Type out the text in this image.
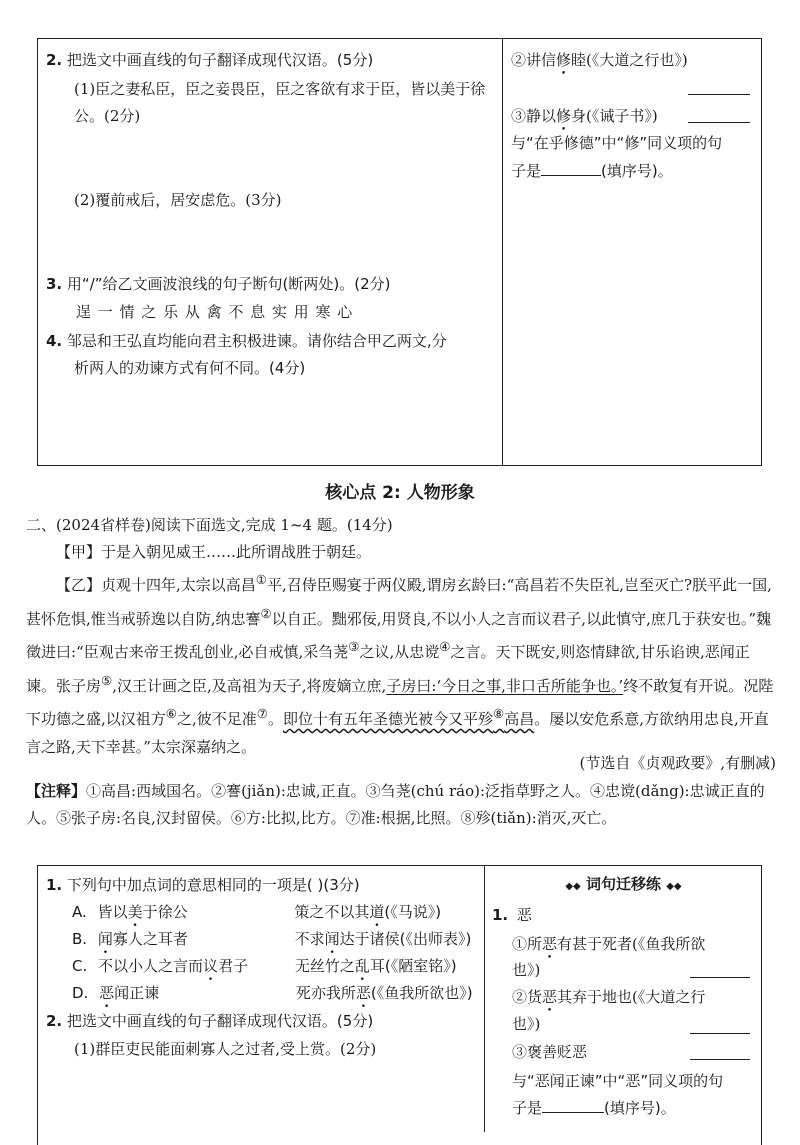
2. 把选文中画直线的句子翻译成现代汉语。(5分)
(1)臣之妻私臣，臣之妾畏臣，臣之客欲有求于臣，皆以美于徐
公。(2分)
(2)覆前戒后，居安虑危。(3分)
3. 用“/”给乙文画波浪线的句子断句(断两处)。(2分)
逞 一 情 之 乐 从 禽 不 息 实 用 寒 心
4. 邹忌和王弘直均能向君主积极进谏。请你结合甲乙两文,分
析两人的劝谏方式有何不同。(4分)
②讲信修睦(《大道之行也》)
③静以修身(《诫子书》)
与“在乎修德”中“修”同义项的句
子是	(填序号)。
核心点 2: 人物形象
二、(2024省样卷)阅读下面选文,完成 1~4 题。(14分)
【甲】于是入朝见威王……此所谓战胜于朝廷。
【乙】贞观十四年,太宗以高昌①平,召侍臣赐宴于两仪殿,谓房玄龄曰:“高昌若不失臣礼,岂至灭亡?朕平此一国,甚怀危惧,惟当戒骄逸以自防,纳忠謇②以自正。黜邪佞,用贤良,不以小人之言而议君子,以此慎守,庶几于获安也。”魏徵进曰:“臣观古来帝王拨乱创业,必自戒慎,采刍荛③之议,从忠谠④之言。天下既安,则恣情肆欲,甘乐谄谀,恶闻正谏。张子房⑤,汉王计画之臣,及高祖为天子,将废嫡立庶,子房曰:‘今日之事,非口舌所能争也。’终不敢复有开说。况陛下功德之盛,以汉祖方⑥之,彼不足准⑦。即位十有五年圣德光被今又平殄⑧高昌。屡以安危系意,方欲纳用忠良,开直言之路,天下幸甚。”太宗深嘉纳之。
(节选自《贞观政要》,有删减)
【注释】①高昌:西域国名。②謇(jiǎn):忠诚,正直。③刍荛(chú ráo):泛指草野之人。④忠谠(dǎng):忠诚正直的人。⑤张子房:名良,汉封留侯。⑥方:比拟,比方。⑦准:根据,比照。⑧殄(tiǎn):消灭,灭亡。
1. 下列句中加点词的意思相同的一项是( )(3分)
A. 皆以美于徐公	策之不以其道(《马说》)
B. 闻寡人之耳者	不求闻达于诸侯(《出师表》)
C. 不以小人之言而议君子	无丝竹之乱耳(《陋室铭》)
D. 恶闻正谏	死亦我所恶(《鱼我所欲也》)
2. 把选文中画直线的句子翻译成现代汉语。(5分)
(1)群臣吏民能面刺寡人之过者,受上赏。(2分)
◆◆ 词句迁移练 ◆◆
1. 恶
①所恶有甚于死者(《鱼我所欲
也》)
②货恶其弃于地也(《大道之行
也》)
③褒善贬恶
与“恶闻正谏”中“恶”同义项的句
子是	(填序号)。
